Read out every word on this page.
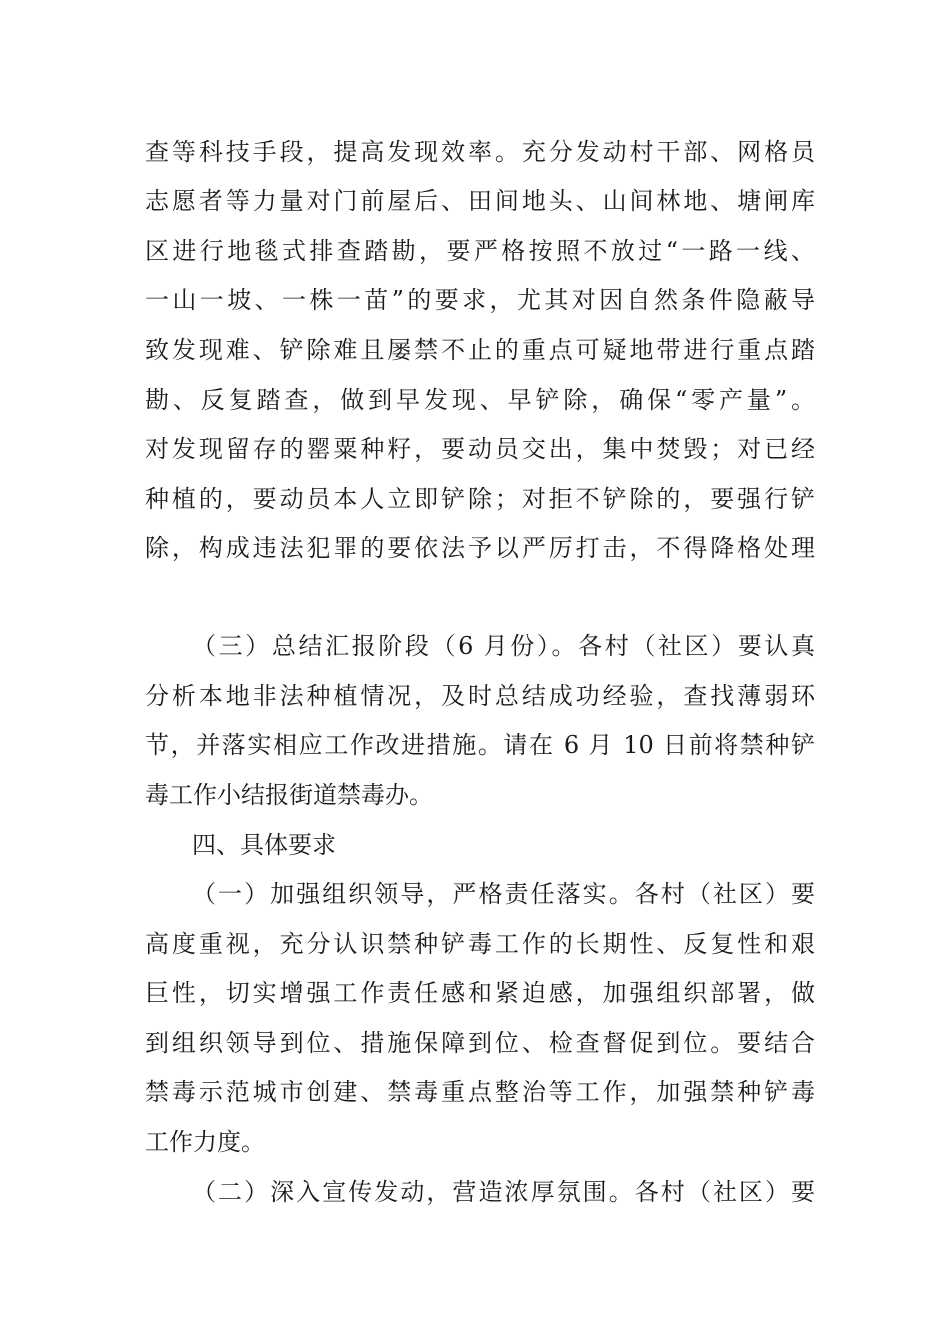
查等科技手段，提高发现效率。充分发动村干部、网格员
志愿者等力量对门前屋后、田间地头、山间林地、塘闸库
区进行地毯式排查踏勘，要严格按照不放过“一路一线、
一山一坡、一株一苗”的要求，尤其对因自然条件隐蔽导
致发现难、铲除难且屡禁不止的重点可疑地带进行重点踏
勘、反复踏查，做到早发现、早铲除，确保“零产量”。
对发现留存的罂粟种籽，要动员交出，集中焚毁；对已经
种植的，要动员本人立即铲除；对拒不铲除的，要强行铲
除，构成违法犯罪的要依法予以严厉打击，不得降格处理
（三）总结汇报阶段（6 月份）。各村（社区）要认真
分析本地非法种植情况，及时总结成功经验，查找薄弱环
节，并落实相应工作改进措施。请在 6 月 10 日前将禁种铲
毒工作小结报街道禁毒办。
四、具体要求
（一）加强组织领导，严格责任落实。各村（社区）要
高度重视，充分认识禁种铲毒工作的长期性、反复性和艰
巨性，切实增强工作责任感和紧迫感，加强组织部署，做
到组织领导到位、措施保障到位、检查督促到位。要结合
禁毒示范城市创建、禁毒重点整治等工作，加强禁种铲毒
工作力度。
（二）深入宣传发动，营造浓厚氛围。各村（社区）要
